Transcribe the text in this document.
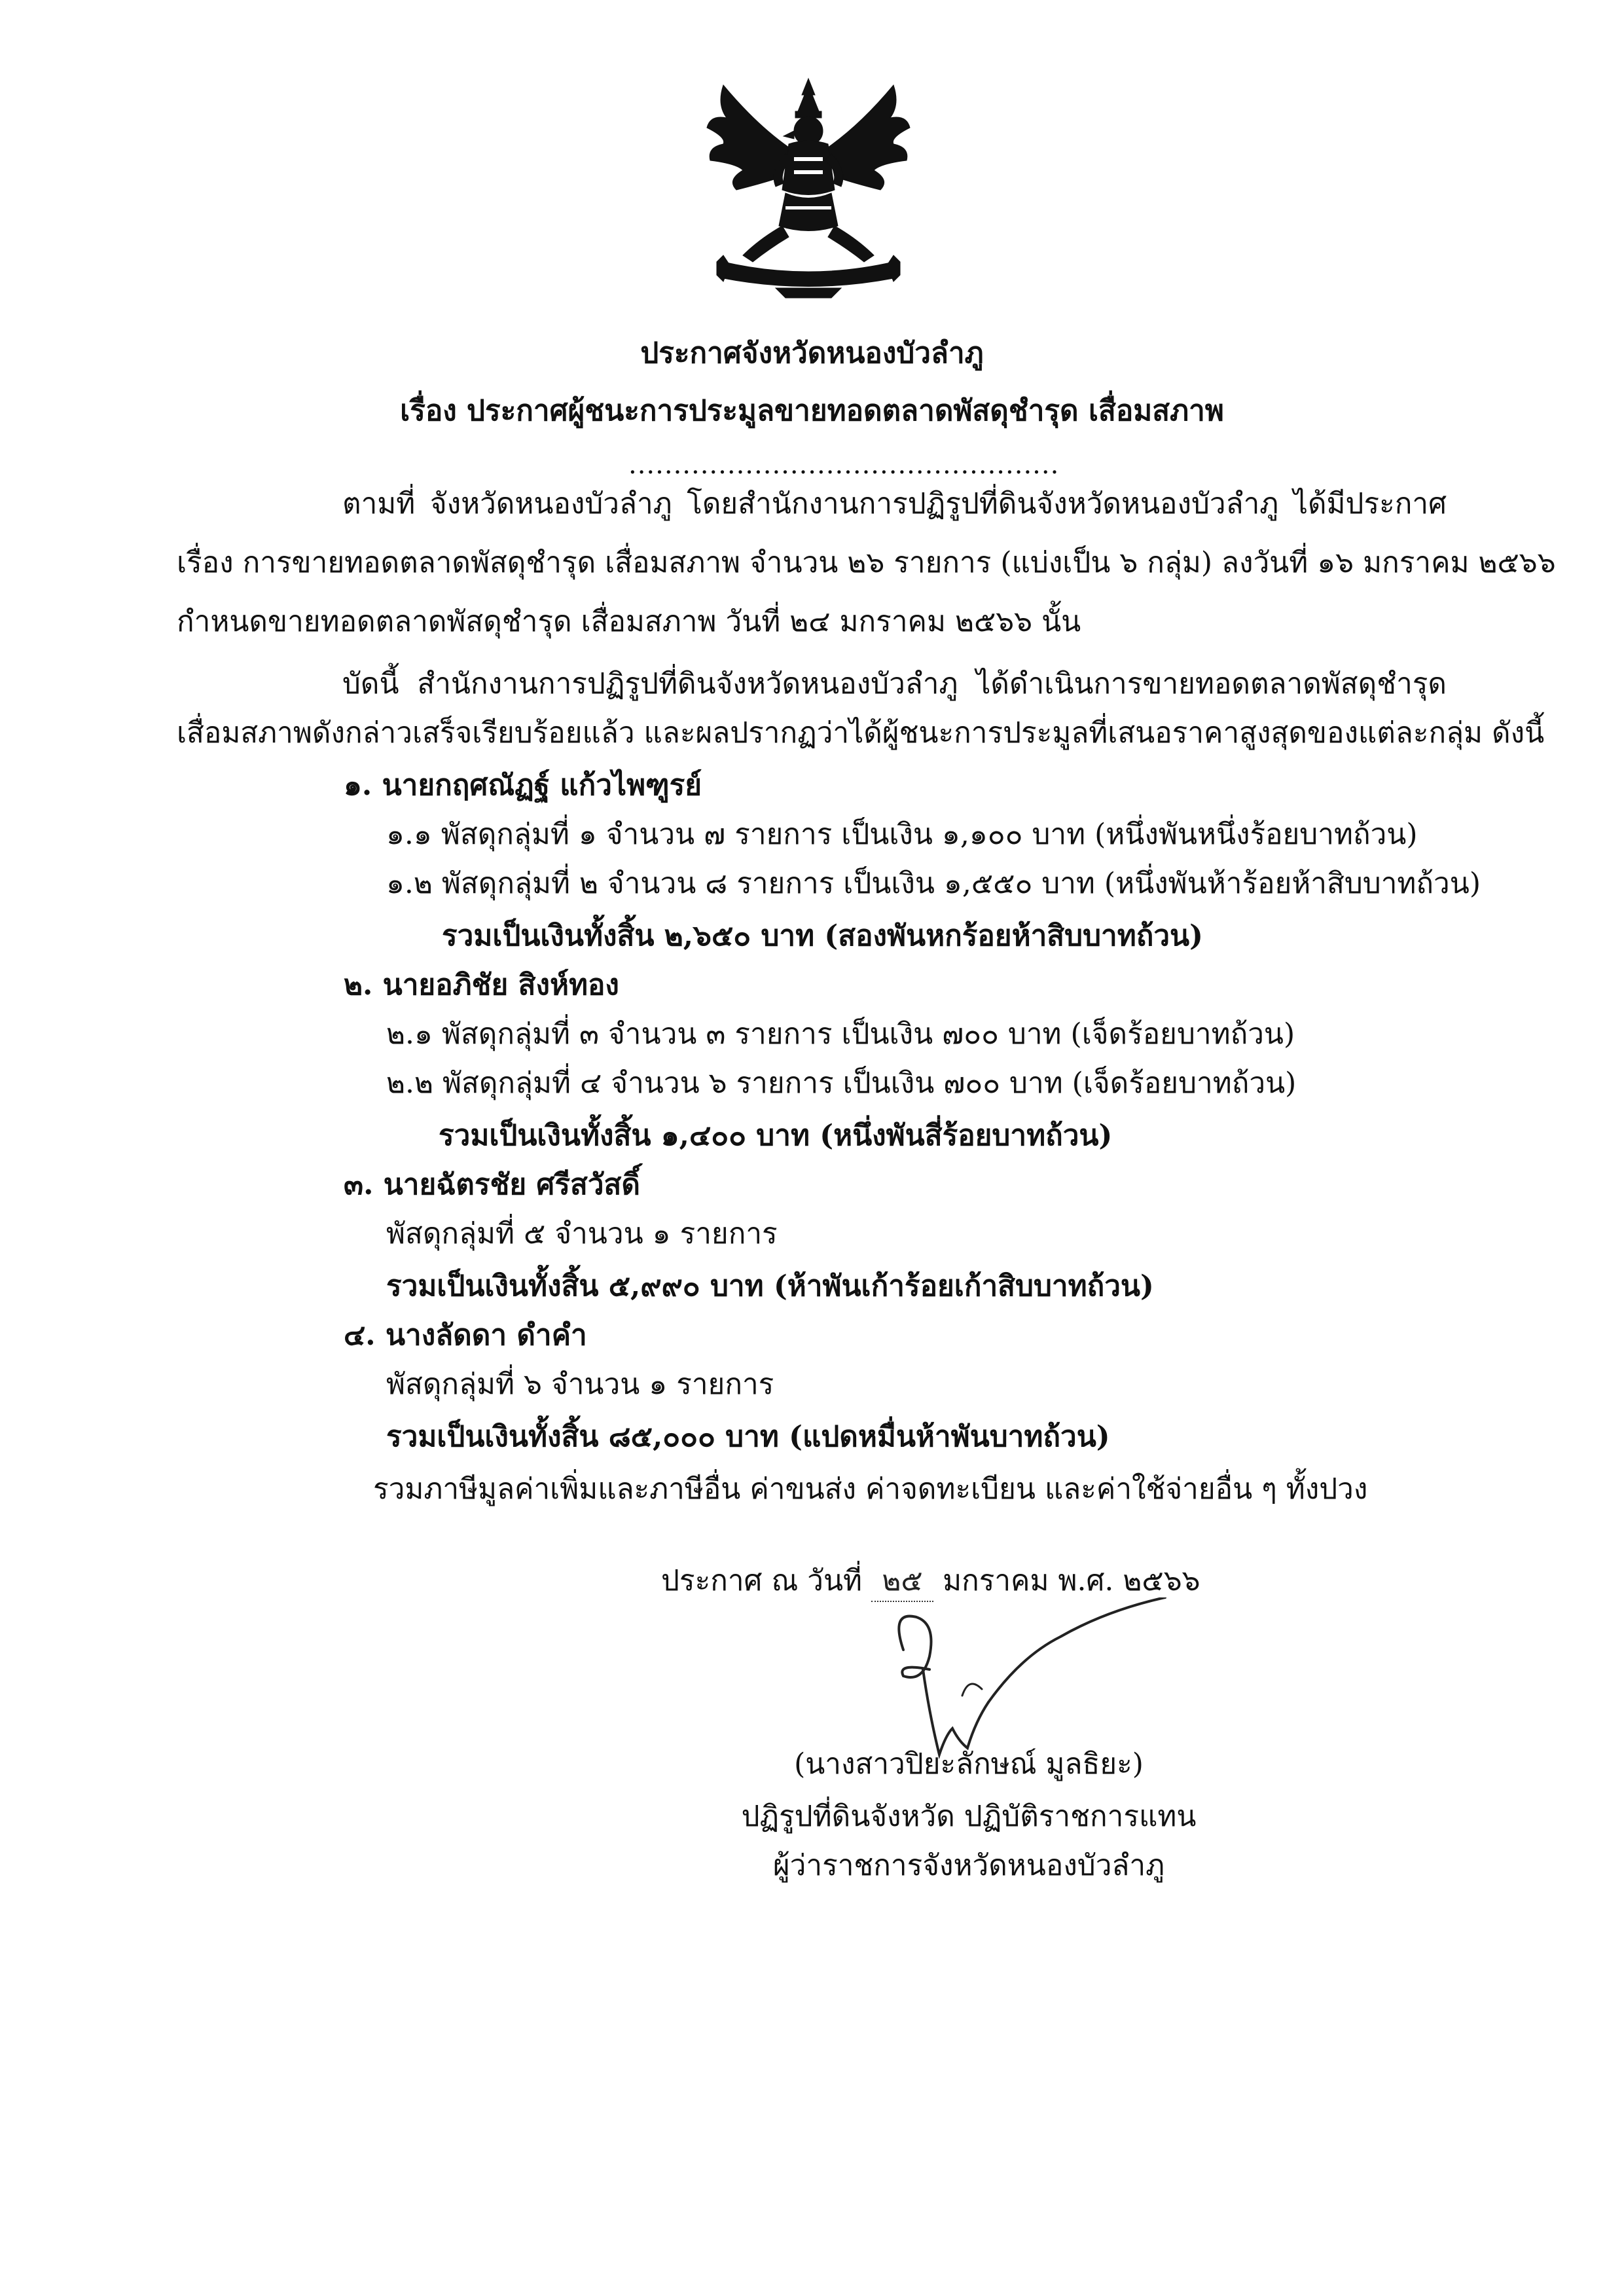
ประกาศจังหวัดหนองบัวลำภู
เรื่อง ประกาศผู้ชนะการประมูลขายทอดตลาดพัสดุชำรุด เสื่อมสภาพ
................................................
ตามที่ จังหวัดหนองบัวลำภู โดยสำนักงานการปฏิรูปที่ดินจังหวัดหนองบัวลำภู ได้มีประกาศ
เรื่อง การขายทอดตลาดพัสดุชำรุด เสื่อมสภาพ จำนวน ๒๖ รายการ (แบ่งเป็น ๖ กลุ่ม) ลงวันที่ ๑๖ มกราคม ๒๕๖๖
กำหนดขายทอดตลาดพัสดุชำรุด เสื่อมสภาพ วันที่ ๒๔ มกราคม ๒๕๖๖ นั้น
บัดนี้ สำนักงานการปฏิรูปที่ดินจังหวัดหนองบัวลำภู ได้ดำเนินการขายทอดตลาดพัสดุชำรุด
เสื่อมสภาพดังกล่าวเสร็จเรียบร้อยแล้ว และผลปรากฏว่าได้ผู้ชนะการประมูลที่เสนอราคาสูงสุดของแต่ละกลุ่ม ดังนี้
๑. นายกฤศณัฏฐ์ แก้วไพฑูรย์
๑.๑ พัสดุกลุ่มที่ ๑ จำนวน ๗ รายการ เป็นเงิน ๑,๑๐๐ บาท (หนึ่งพันหนึ่งร้อยบาทถ้วน)
๑.๒ พัสดุกลุ่มที่ ๒ จำนวน ๘ รายการ เป็นเงิน ๑,๕๕๐ บาท (หนึ่งพันห้าร้อยห้าสิบบาทถ้วน)
รวมเป็นเงินทั้งสิ้น ๒,๖๕๐ บาท (สองพันหกร้อยห้าสิบบาทถ้วน)
๒. นายอภิชัย สิงห์ทอง
๒.๑ พัสดุกลุ่มที่ ๓ จำนวน ๓ รายการ เป็นเงิน ๗๐๐ บาท (เจ็ดร้อยบาทถ้วน)
๒.๒ พัสดุกลุ่มที่ ๔ จำนวน ๖ รายการ เป็นเงิน ๗๐๐ บาท (เจ็ดร้อยบาทถ้วน)
รวมเป็นเงินทั้งสิ้น ๑,๔๐๐ บาท (หนึ่งพันสี่ร้อยบาทถ้วน)
๓. นายฉัตรชัย ศรีสวัสดิ์
พัสดุกลุ่มที่ ๕ จำนวน ๑ รายการ
รวมเป็นเงินทั้งสิ้น ๕,๙๙๐ บาท (ห้าพันเก้าร้อยเก้าสิบบาทถ้วน)
๔. นางลัดดา ดำคำ
พัสดุกลุ่มที่ ๖ จำนวน ๑ รายการ
รวมเป็นเงินทั้งสิ้น ๘๕,๐๐๐ บาท (แปดหมื่นห้าพันบาทถ้วน)
รวมภาษีมูลค่าเพิ่มและภาษีอื่น ค่าขนส่ง ค่าจดทะเบียน และค่าใช้จ่ายอื่น ๆ ทั้งปวง
ประกาศ ณ วันที่ ๒๕ มกราคม พ.ศ. ๒๕๖๖
(นางสาวปิยะลักษณ์ มูลธิยะ)
ปฏิรูปที่ดินจังหวัด ปฏิบัติราชการแทน
ผู้ว่าราชการจังหวัดหนองบัวลำภู
